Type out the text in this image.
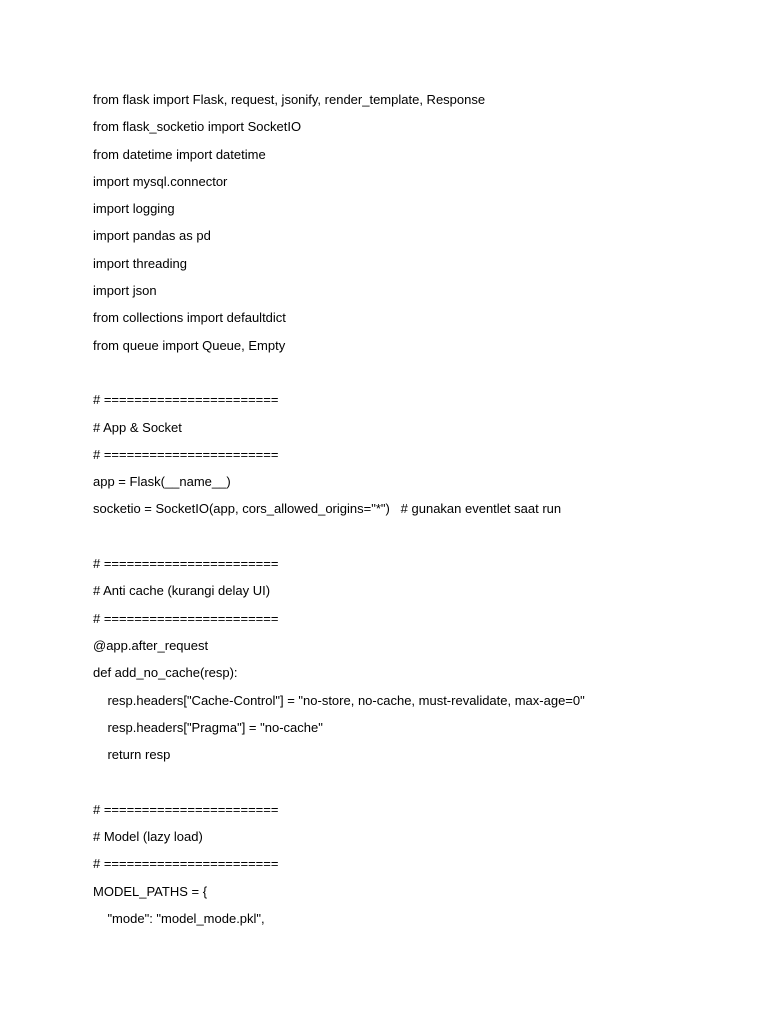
from flask import Flask, request, jsonify, render_template, Response
from flask_socketio import SocketIO
from datetime import datetime
import mysql.connector
import logging
import pandas as pd
import threading
import json
from collections import defaultdict
from queue import Queue, Empty
# =======================
# App & Socket
# =======================
app = Flask(__name__)
socketio = SocketIO(app, cors_allowed_origins="*")   # gunakan eventlet saat run
# =======================
# Anti cache (kurangi delay UI)
# =======================
@app.after_request
def add_no_cache(resp):
resp.headers["Cache-Control"] = "no-store, no-cache, must-revalidate, max-age=0"
resp.headers["Pragma"] = "no-cache"
return resp
# =======================
# Model (lazy load)
# =======================
MODEL_PATHS = {
"mode": "model_mode.pkl",
